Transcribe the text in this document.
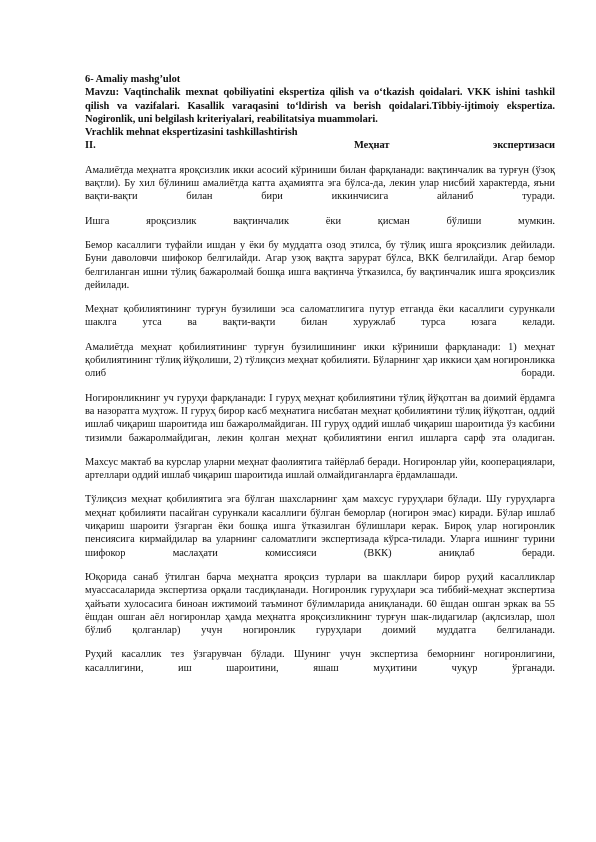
6- Amaliy mashg’ulot

Mavzu: Vaqtinchalik mexnat qobiliyatini ekspertiza qilish va o‘tkazish qoidalari. VKK ishini tashkil qilish va vazifalari. Kasallik varaqasini to‘ldirish va berish qoidalari.Tibbiy-ijtimoiy ekspertiza. Nogironlik, uni belgilash kriteriyalari, reabilitatsiya muammolari.

Vrachlik mehnat ekspertizasini tashkillashtirish

II.	Меҳнат	экспертизаси

Амалиётда меҳнатга яроқсизлик икки асосий кўриниши билан фарқланади: вақтинчалик ва турғун (ўзоқ вақтли). Бу хил бўлиниш амалиётда катта аҳамиятга эга бўлса-да, лекин улар нисбий характерда, яъни вақти-вақти билан бири иккинчисига айланиб туради.

Ишга яроқсизлик вақтинчалик ёки қисман бўлиши мумкин.

Бемор касаллиги туфайли ишдан у ёки бу муддатга озод этилса, бу тўлиқ ишга яроқсизлик дейилади. Буни даволовчи шифокор белгилайди. Агар узоқ вақтга зарурат бўлса, ВКК белгилайди. Агар бемор белгиланган ишни тўлиқ бажаролмай бошқа ишга вақтинча ўтказилса, бу вақтинчалик ишга яроқсизлик дейилади.

Меҳнат қобилиятининг турғун бузилиши эса саломатлигига путур етганда ёки касаллиги сурункали шаклга утса ва вақти-вақти билан хуружлаб турса юзага келади.

Амалиётда меҳнат қобилиятининг турғун бузилишининг икки кўриниши фарқланади: 1) меҳнат қобилиятининг тўлиқ йўқолиши, 2) тўлиқсиз меҳнат қобилияти. Бўларнинг ҳар иккиси ҳам ногиронликка олиб боради.

Ногиронликнинг уч гуруҳи фарқланади: I гуруҳ меҳнат қобилиятини тўлиқ йўқотган ва доимий ёрдамга ва назоратга муҳтож. II гуруҳ бирор касб меҳнатига нисбатан меҳнат қобилиятини тўлиқ йўқотган, оддий ишлаб чиқариш шароитида иш бажаролмайдиган. III гуруҳ оддий ишлаб чиқариш шароитида ўз касбини тизимли бажаролмайдиган, лекин қолган меҳнат қобилиятини енгил ишларга сарф эта оладиган.

Махсус мактаб ва курслар уларни меҳнат фаолиятига тайёрлаб беради. Ногиронлар уйи, кооперациялари, артеллари оддий ишлаб чиқариш шароитида ишлай олмайдиганларга ёрдамлашади.

Тўлиқсиз меҳнат қобилиятига эга бўлган шахсларнинг ҳам махсус гуруҳлари бўлади. Шу гуруҳларга меҳнат қобилияти пасайган сурункали касаллиги бўлган беморлар (ногирон эмас) киради. Бўлар ишлаб чиқариш шароити ўзгарган ёки бошқа ишга ўтказилган бўлишлари керак. Бироқ улар ногиронлик пенсиясига кирмайдилар ва уларнинг саломатлиги экспертизада кўрса-тилади. Уларга ишнинг турини шифокор маслаҳати комиссияси (ВКК) аниқлаб беради.

Юқорида санаб ўтилган барча меҳнатга яроқсиз турлари ва шакллари бирор руҳий касалликлар муассасаларида экспертиза орқали тасдиқланади. Ногиронлик гуруҳлари эса тиббий-меҳнат экспертиза ҳайъати хулосасига биноан ижтимоий таъминот бўлимларида аниқланади. 60 ёшдан ошган эркак ва 55 ёшдан ошган аёл ногиронлар ҳамда меҳнатга яроқсизликнинг турғун шак-лидагилар (ақлсизлар, шол бўлиб қолганлар) учун ногиронлик гуруҳлари доимий муддатга белгиланади.

Руҳий касаллик тез ўзгарувчан бўлади. Шунинг учун экспертиза беморнинг ногиронлигини, касаллигини, иш шароитини, яшаш муҳитини чуқур ўрганади.
